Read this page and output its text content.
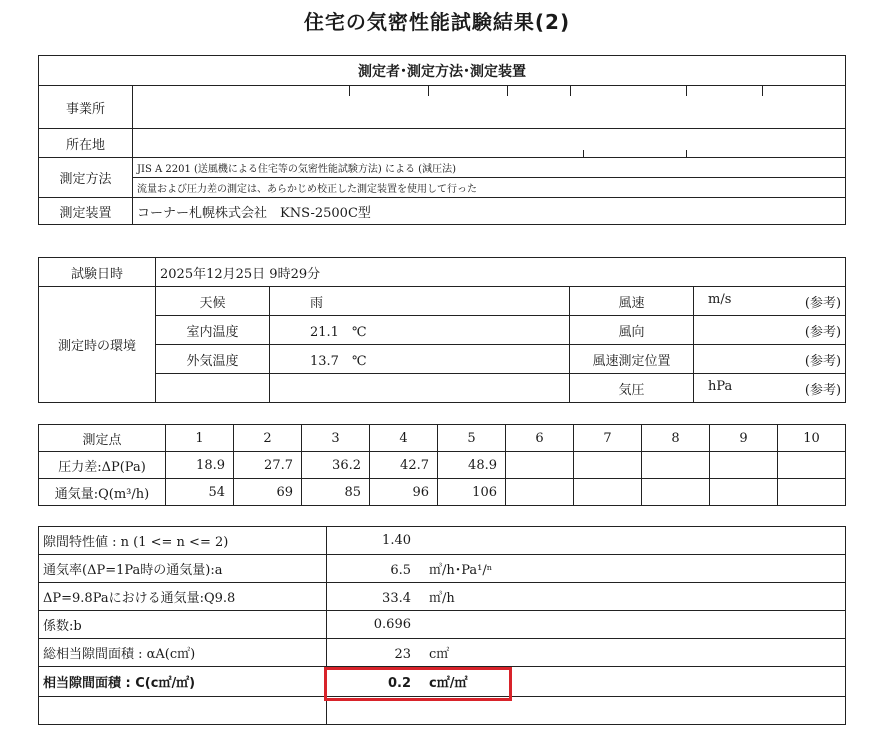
住宅の気密性能試験結果(2)
測定者･測定方法･測定装置	
事業所	
所在地	
測定方法	JIS A 2201 (送風機による住宅等の気密性能試験方法) による (減圧法)
	流量および圧力差の測定は、あらかじめ校正した測定装置を使用して行った
測定装置	コーナー札幌株式会社　KNS-2500C型
試験日時	2025年12月25日 9時29分			
測定時の環境	天候	雨	風速	m/s (参考)

	室内温度	21.1　℃	風向	(参考)

	外気温度	13.7　℃	風速測定位置	(参考)

			気圧	hPa (参考)
測定点	1	2	3	4	5	6	7	8	9	10
圧力差:ΔP(Pa)	18.9	27.7	36.2	42.7	48.9					
通気量:Q(m³/h)	54	69	85	96	106					
隙間特性値 : n (1 <= n <= 2)	1.40
通気率(ΔP=1Pa時の通気量):a	6.5 ㎥/h･Pa¹/ⁿ
ΔP=9.8Paにおける通気量:Q9.8	33.4 ㎥/h
係数:b	0.696
総相当隙間面積 : αA(c㎡)	23 c㎡
相当隙間面積 : C(c㎡/㎡)	0.2 c㎡/㎡
